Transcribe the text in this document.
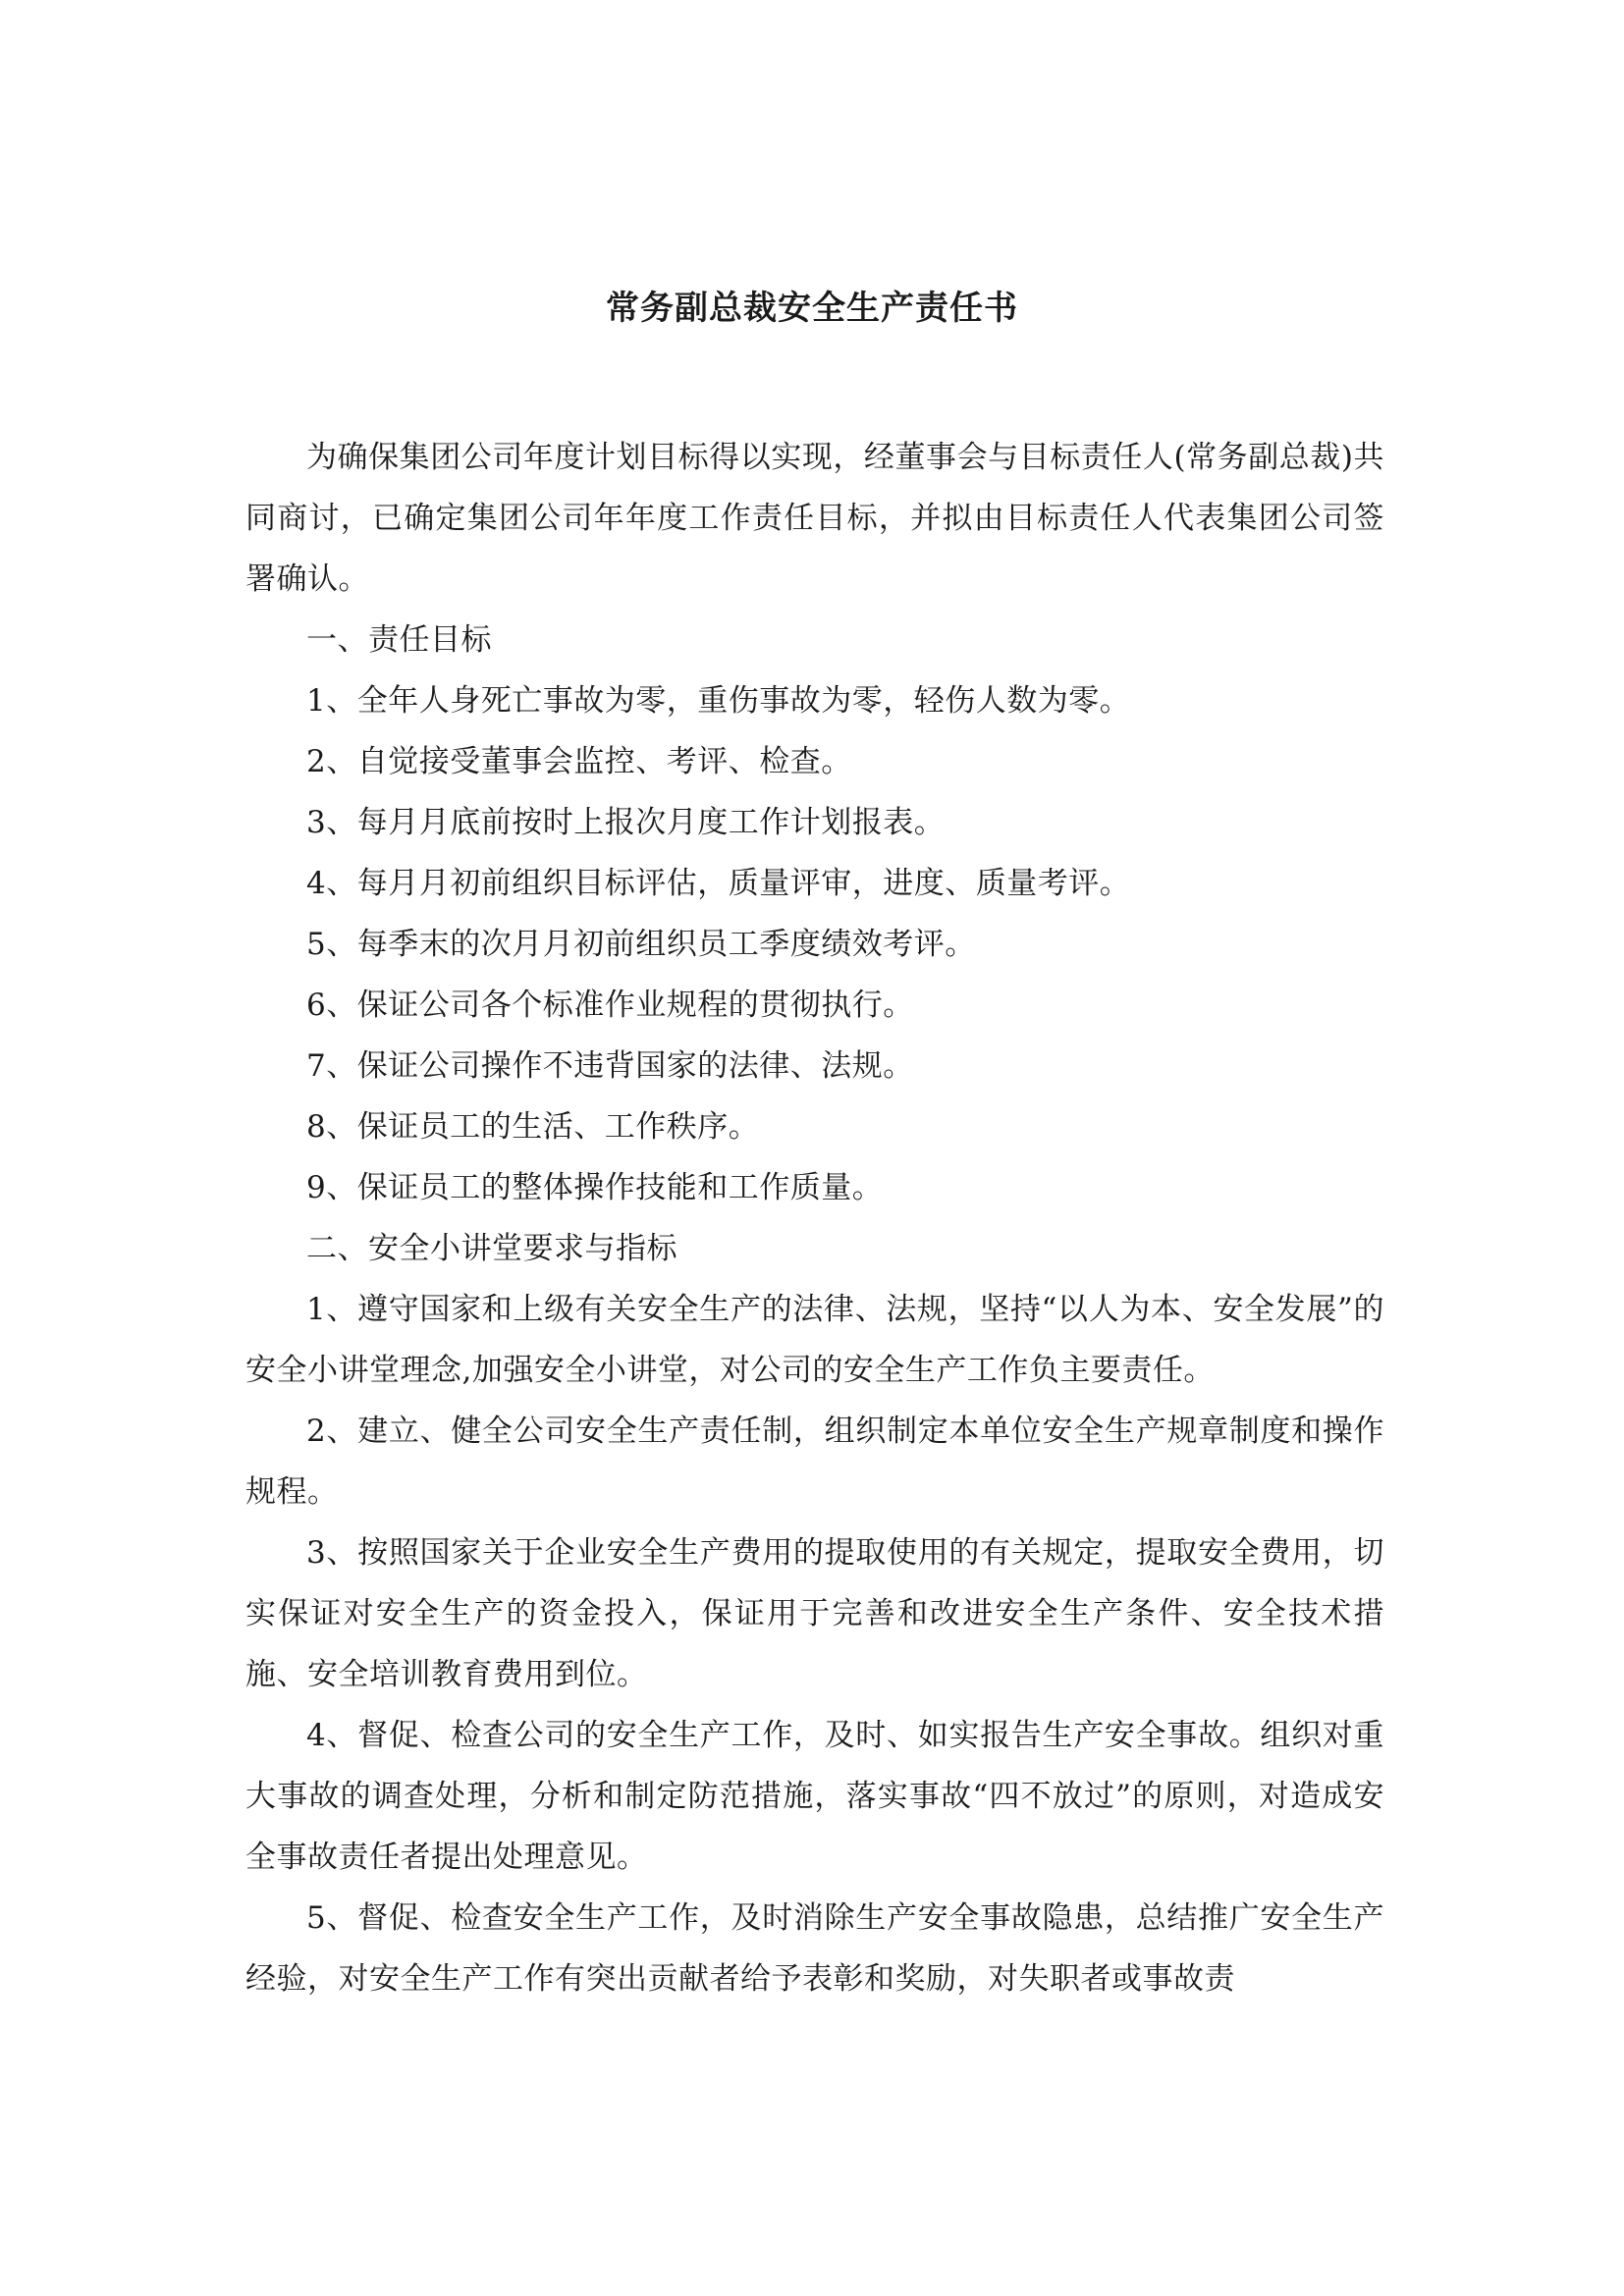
常务副总裁安全生产责任书

为确保集团公司年度计划目标得以实现，经董事会与目标责任人(常务副总裁)共同商讨，已确定集团公司年年度工作责任目标，并拟由目标责任人代表集团公司签署确认。

一、责任目标

1、全年人身死亡事故为零，重伤事故为零，轻伤人数为零。

2、自觉接受董事会监控、考评、检查。

3、每月月底前按时上报次月度工作计划报表。

4、每月月初前组织目标评估，质量评审，进度、质量考评。

5、每季末的次月月初前组织员工季度绩效考评。

6、保证公司各个标准作业规程的贯彻执行。

7、保证公司操作不违背国家的法律、法规。

8、保证员工的生活、工作秩序。

9、保证员工的整体操作技能和工作质量。

二、安全小讲堂要求与指标

1、遵守国家和上级有关安全生产的法律、法规，坚持“以人为本、安全发展”的安全小讲堂理念,加强安全小讲堂，对公司的安全生产工作负主要责任。

2、建立、健全公司安全生产责任制，组织制定本单位安全生产规章制度和操作规程。

3、按照国家关于企业安全生产费用的提取使用的有关规定，提取安全费用，切实保证对安全生产的资金投入，保证用于完善和改进安全生产条件、安全技术措施、安全培训教育费用到位。

4、督促、检查公司的安全生产工作，及时、如实报告生产安全事故。组织对重大事故的调查处理，分析和制定防范措施，落实事故“四不放过”的原则，对造成安全事故责任者提出处理意见。

5、督促、检查安全生产工作，及时消除生产安全事故隐患，总结推广安全生产经验，对安全生产工作有突出贡献者给予表彰和奖励，对失职者或事故责
